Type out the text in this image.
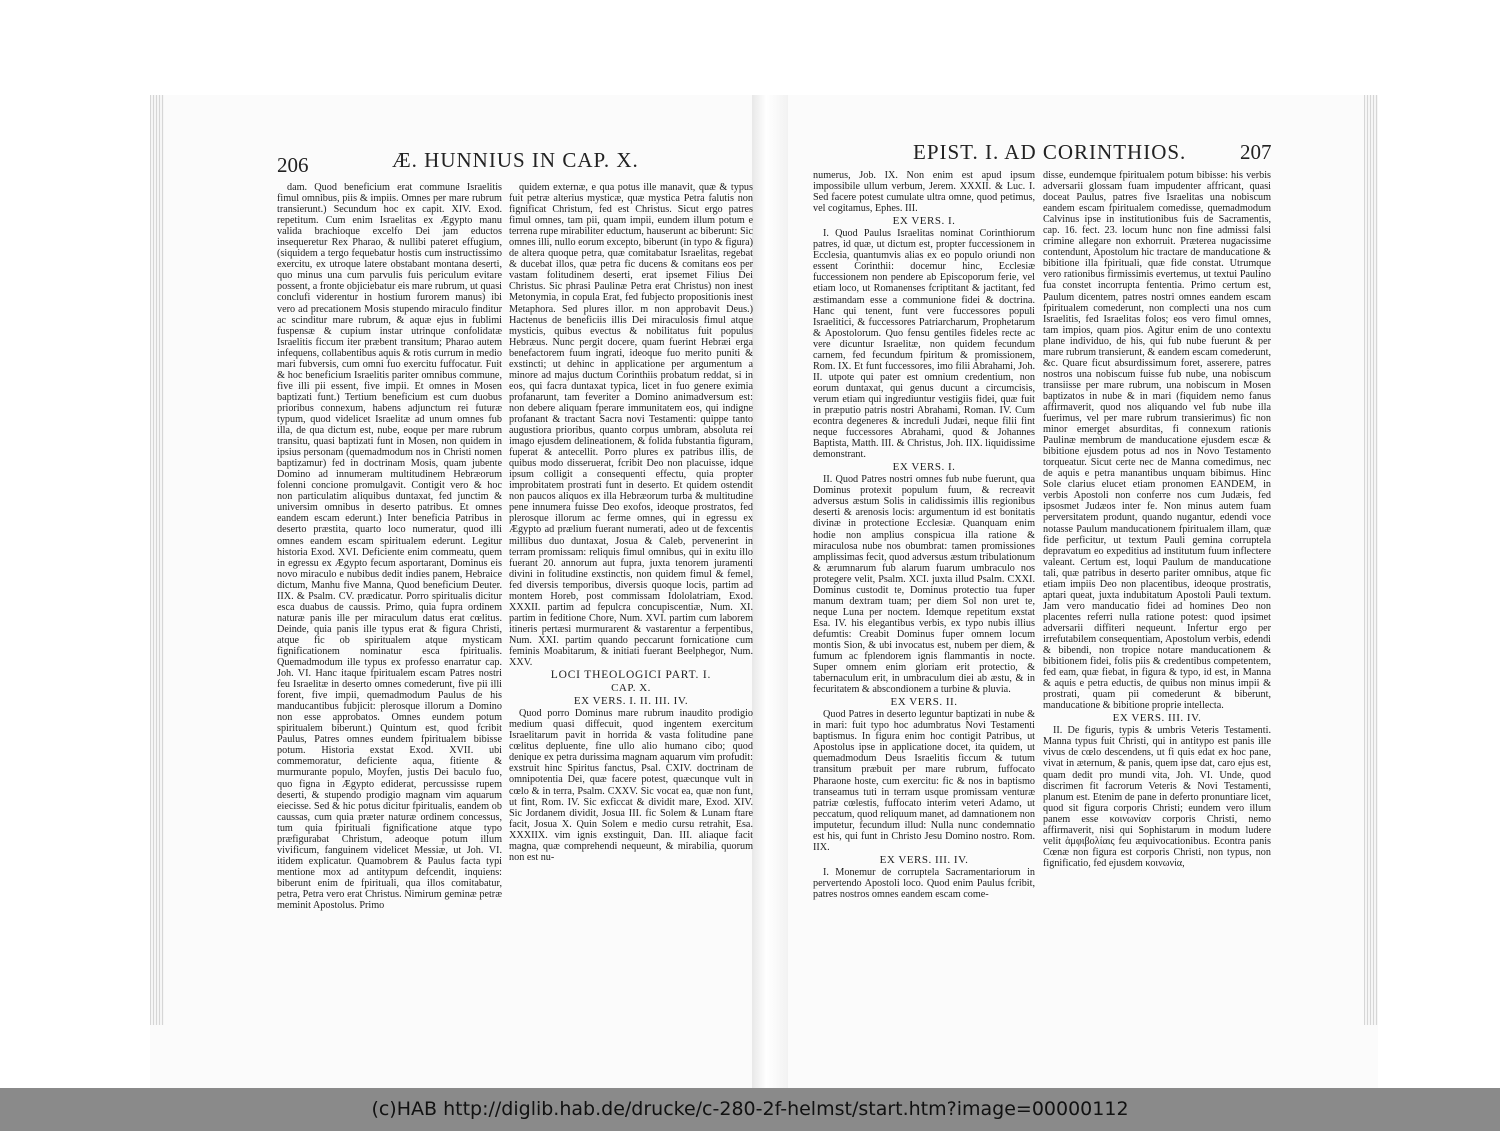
206	Æ. HUNNIUS IN CAP. X.

dam. Quod beneficium erat commune Israelitis fimul omnibus, piis & impiis. Omnes per mare rubrum transierunt.) Secundum hoc ex capit. XIV. Exod. repetitum. Cum enim Israelitas ex Ægypto manu valida brachioque excelfo Dei jam eductos insequeretur Rex Pharao, & nullibi pateret effugium, (siquidem a tergo fequebatur hostis cum instructissimo exercitu, ex utroque latere obstabant montana deserti, quo minus una cum parvulis fuis periculum evitare possent, a fronte objiciebatur eis mare rubrum, ut quasi conclufi viderentur in hostium furorem manus) ibi vero ad precationem Mosis stupendo miraculo finditur ac scinditur mare rubrum, & aquæ ejus in fublimi fuspensæ & cupium instar utrinque confolidatæ Israelitis ficcum iter præbent transitum; Pharao autem infequens, collabentibus aquis & rotis currum in medio mari fubversis, cum omni fuo exercitu fuffocatur. Fuit & hoc beneficium Israelitis pariter omnibus commune, five illi pii essent, five impii. Et omnes in Mosen baptizati funt.) Tertium beneficium est cum duobus prioribus connexum, habens adjunctum rei futuræ typum, quod videlicet Israelitæ ad unum omnes fub illa, de qua dictum est, nube, eoque per mare rubrum transitu, quasi baptizati funt in Mosen, non quidem in ipsius personam (quemadmodum nos in Christi nomen baptizamur) fed in doctrinam Mosis, quam jubente Domino ad innumeram multitudinem Hebræorum folenni concione promulgavit. Contigit vero & hoc non particulatim aliquibus duntaxat, fed junctim & universim omnibus in deserto patribus. Et omnes eandem escam ederunt.) Inter beneficia Patribus in deserto præstita, quarto loco numeratur, quod illi omnes eandem escam spiritualem ederunt. Legitur historia Exod. XVI. Deficiente enim commeatu, quem in egressu ex Ægypto fecum asportarant, Dominus eis novo miraculo e nubibus dedit indies panem, Hebraice dictum, Manhu five Manna, Quod beneficium Deuter. IIX. & Psalm. CV. prædicatur. Porro spiritualis dicitur esca duabus de caussis. Primo, quia fupra ordinem naturæ panis ille per miraculum datus erat cœlitus. Deinde, quia panis ille typus erat & figura Christi, atque fic ob spiritualem atque mysticam fignificationem nominatur esca fpiritualis. Quemadmodum ille typus ex professo enarratur cap. Joh. VI. Hanc itaque fpiritualem escam Patres nostri feu Israelitæ in deserto omnes comederunt, five pii illi forent, five impii, quemadmodum Paulus de his manducantibus fubjicit: plerosque illorum a Domino non esse approbatos. Omnes eundem potum spiritualem biberunt.) Quintum est, quod fcribit Paulus, Patres omnes eundem fpiritualem bibisse potum. Historia exstat Exod. XVII. ubi commemoratur, deficiente aqua, fitiente & murmurante populo, Moyfen, justis Dei baculo fuo, quo figna in Ægypto ediderat, percussisse rupem deserti, & stupendo prodigio magnam vim aquarum eiecisse. Sed & hic potus dicitur fpiritualis, eandem ob caussas, cum quia præter naturæ ordinem concessus, tum quia fpirituali fignificatione atque typo præfigurabat Christum, adeoque potum illum vivificum, fanguinem videlicet Messiæ, ut Joh. VI. itidem explicatur. Quamobrem & Paulus facta typi mentione mox ad antitypum defcendit, inquiens: biberunt enim de fpirituali, qua illos comitabatur, petra, Petra vero erat Christus. Nimirum geminæ petræ meminit Apostolus. Primo

quidem externæ, e qua potus ille manavit, quæ & typus fuit petræ alterius mysticæ, quæ mystica Petra falutis non fignificat Christum, fed est Christus. Sicut ergo patres fimul omnes, tam pii, quam impii, eundem illum potum e terrena rupe mirabiliter eductum, hauserunt ac biberunt: Sic omnes illi, nullo eorum excepto, biberunt (in typo & figura) de altera quoque petra, quæ comitabatur Israelitas, regebat & ducebat illos, quæ petra fic ducens & comitans eos per vastam folitudinem deserti, erat ipsemet Filius Dei Christus. Sic phrasi Paulinæ Petra erat Christus) non inest Metonymia, in copula Erat, fed fubjecto propositionis inest Metaphora. Sed plures illor. m non approbavit Deus.) Hactenus de beneficiis illis Dei miraculosis fimul atque mysticis, quibus evectus & nobilitatus fuit populus Hebræus. Nunc pergit docere, quam fuerint Hebræi erga benefactorem fuum ingrati, ideoque fuo merito puniti & exstincti; ut dehinc in applicatione per argumentum a minore ad majus ductum Corinthiis probatum reddat, si in eos, qui facra duntaxat typica, licet in fuo genere eximia profanarunt, tam feveriter a Domino animadversum est: non debere aliquam fperare immunitatem eos, qui indigne profanant & tractant Sacra novi Testamenti: quippe tanto augustiora prioribus, quanto corpus umbram, absoluta rei imago ejusdem delineationem, & folida fubstantia figuram, fuperat & antecellit. Porro plures ex patribus illis, de quibus modo disseruerat, fcribit Deo non placuisse, idque ipsum colligit a consequenti effectu, quia propter improbitatem prostrati funt in deserto. Et quidem ostendit non paucos aliquos ex illa Hebræorum turba & multitudine pene innumera fuisse Deo exofos, ideoque prostratos, fed plerosque illorum ac ferme omnes, qui in egressu ex Ægypto ad prælium fuerant numerati, adeo ut de fexcentis millibus duo duntaxat, Josua & Caleb, pervenerint in terram promissam: reliquis fimul omnibus, qui in exitu illo fuerant 20. annorum aut fupra, juxta tenorem juramenti divini in folitudine exstinctis, non quidem fimul & femel, fed diversis temporibus, diversis quoque locis, partim ad montem Horeb, post commissam Idololatriam, Exod. XXXII. partim ad fepulcra concupiscentiæ, Num. XI. partim in feditione Chore, Num. XVI. partim cum laborem itineris pertæsi murmurarent & vastarentur a ferpentibus, Num. XXI. partim quando peccarunt fornicatione cum feminis Moabitarum, & initiati fuerant Beelphegor, Num. XXV.

LOCI THEOLOGICI PART. I.
CAP. X.
EX VERS. I. II. III. IV.

Quod porro Dominus mare rubrum inaudito prodigio medium quasi diffecuit, quod ingentem exercitum Israelitarum pavit in horrida & vasta folitudine pane cœlitus depluente, fine ullo alio humano cibo; quod denique ex petra durissima magnam aquarum vim profudit: exstruit hinc Spiritus fanctus, Psal. CXIV. doctrinam de omnipotentia Dei, quæ facere potest, quæcunque vult in cœlo & in terra, Psalm. CXXV. Sic vocat ea, quæ non funt, ut fint, Rom. IV. Sic exficcat & dividit mare, Exod. XIV. Sic Jordanem dividit, Josua III. fic Solem & Lunam ftare facit, Josua X. Quin Solem e medio cursu retrahit, Esa. XXXIIX. vim ignis exstinguit, Dan. III. aliaque facit magna, quæ comprehendi nequeunt, & mirabilia, quorum non est nu-

EPIST. I. AD CORINTHIOS.	207

numerus, Job. IX. Non enim est apud ipsum impossibile ullum verbum, Jerem. XXXII. & Luc. I. Sed facere potest cumulate ultra omne, quod petimus, vel cogitamus, Ephes. III.

EX VERS. I.

I. Quod Paulus Israelitas nominat Corinthiorum patres, id quæ, ut dictum est, propter fuccessionem in Ecclesia, quantumvis alias ex eo populo oriundi non essent Corinthii: docemur hinc, Ecclesiæ fuccessionem non pendere ab Episcoporum ferie, vel etiam loco, ut Romanenses fcriptitant & jactitant, fed æstimandam esse a communione fidei & doctrina. Hanc qui tenent, funt vere fuccessores populi Israelitici, & fuccessores Patriarcharum, Prophetarum & Apostolorum. Quo fensu gentiles fideles recte ac vere dicuntur Israelitæ, non quidem fecundum carnem, fed fecundum fpiritum & promissionem, Rom. IX. Et funt fuccessores, imo filii Abrahami, Joh. II. utpote qui pater est omnium credentium, non eorum duntaxat, qui genus ducunt a circumcisis, verum etiam qui ingrediuntur vestigiis fidei, quæ fuit in præputio patris nostri Abrahami, Roman. IV. Cum econtra degeneres & increduli Judæi, neque filii fint neque fuccessores Abrahami, quod & Johannes Baptista, Matth. III. & Christus, Joh. IIX. liquidissime demonstrant.

EX VERS. I.

II. Quod Patres nostri omnes fub nube fuerunt, qua Dominus protexit populum fuum, & recreavit adversus æstum Solis in calidissimis illis regionibus deserti & arenosis locis: argumentum id est bonitatis divinæ in protectione Ecclesiæ. Quanquam enim hodie non amplius conspicua illa ratione & miraculosa nube nos obumbrat: tamen promissiones amplissimas fecit, quod adversus æstum tribulationum & ærumnarum fub alarum fuarum umbraculo nos protegere velit, Psalm. XCI. juxta illud Psalm. CXXI. Dominus custodit te, Dominus protectio tua fuper manum dextram tuam; per diem Sol non uret te, neque Luna per noctem. Idemque repetitum exstat Esa. IV. his elegantibus verbis, ex typo nubis illius defumtis: Creabit Dominus fuper omnem locum montis Sion, & ubi invocatus est, nubem per diem, & fumum ac fplendorem ignis flammantis in nocte. Super omnem enim gloriam erit protectio, & tabernaculum erit, in umbraculum diei ab æstu, & in fecuritatem & abscondionem a turbine & pluvia.

EX VERS. II.

Quod Patres in deserto leguntur baptizati in nube & in mari: fuit typo hoc adumbratus Novi Testamenti baptismus. In figura enim hoc contigit Patribus, ut Apostolus ipse in applicatione docet, ita quidem, ut quemadmodum Deus Israelitis ficcum & tutum transitum præbuit per mare rubrum, fuffocato Pharaone hoste, cum exercitu: fic & nos in baptismo transeamus tuti in terram usque promissam venturæ patriæ cœlestis, fuffocato interim veteri Adamo, ut peccatum, quod reliquum manet, ad damnationem non imputetur, fecundum illud: Nulla nunc condemnatio est his, qui funt in Christo Jesu Domino nostro. Rom. IIX.

EX VERS. III. IV.

I. Monemur de corruptela Sacramentariorum in pervertendo Apostoli loco. Quod enim Paulus fcribit, patres nostros omnes eandem escam come-

disse, eundemque fpiritualem potum bibisse: his verbis adversarii glossam fuam impudenter affricant, quasi doceat Paulus, patres five Israelitas una nobiscum eandem escam fpiritualem comedisse, quemadmodum Calvinus ipse in institutionibus fuis de Sacramentis, cap. 16. fect. 23. locum hunc non fine admissi falsi crimine allegare non exhorruit. Præterea nugacissime contendunt, Apostolum hic tractare de manducatione & bibitione illa fpirituali, quæ fide constat. Utrumque vero rationibus firmissimis evertemus, ut textui Paulino fua constet incorrupta fententia. Primo certum est, Paulum dicentem, patres nostri omnes eandem escam fpiritualem comederunt, non complecti una nos cum Israelitis, fed Israelitas folos; eos vero fimul omnes, tam impios, quam pios. Agitur enim de uno contextu plane individuo, de his, qui fub nube fuerunt & per mare rubrum transierunt, & eandem escam comederunt, &c. Quare ficut absurdissimum foret, asserere, patres nostros una nobiscum fuisse fub nube, una nobiscum transiisse per mare rubrum, una nobiscum in Mosen baptizatos in nube & in mari (fiquidem nemo fanus affirmaverit, quod nos aliquando vel fub nube illa fuerimus, vel per mare rubrum transierimus) fic non minor emerget absurditas, fi connexum rationis Paulinæ membrum de manducatione ejusdem escæ & bibitione ejusdem potus ad nos in Novo Testamento torqueatur. Sicut certe nec de Manna comedimus, nec de aquis e petra manantibus unquam bibimus. Hinc Sole clarius elucet etiam pronomen EANDEM, in verbis Apostoli non conferre nos cum Judæis, fed ipsosmet Judæos inter fe. Non minus autem fuam perversitatem produnt, quando nugantur, edendi voce notasse Paulum manducationem fpiritualem illam, quæ fide perficitur, ut textum Pauli gemina corruptela depravatum eo expeditius ad institutum fuum inflectere valeant. Certum est, loqui Paulum de manducatione tali, quæ patribus in deserto pariter omnibus, atque fic etiam impiis Deo non placentibus, ideoque prostratis, aptari queat, juxta indubitatum Apostoli Pauli textum. Jam vero manducatio fidei ad homines Deo non placentes referri nulla ratione potest: quod ipsimet adversarii diffiteri nequeunt. Infertur ergo per irrefutabilem consequentiam, Apostolum verbis, edendi & bibendi, non tropice notare manducationem & bibitionem fidei, folis piis & credentibus competentem, fed eam, quæ fiebat, in figura & typo, id est, in Manna & aquis e petra eductis, de quibus non minus impii & prostrati, quam pii comederunt & biberunt, manducatione & bibitione proprie intellecta.

EX VERS. III. IV.

II. De figuris, typis & umbris Veteris Testamenti. Manna typus fuit Christi, qui in antitypo est panis ille vivus de cœlo descendens, ut fi quis edat ex hoc pane, vivat in æternum, & panis, quem ipse dat, caro ejus est, quam dedit pro mundi vita, Joh. VI. Unde, quod discrimen fit facrorum Veteris & Novi Testamenti, planum est. Etenim de pane in deferto pronuntiare licet, quod sit figura corporis Christi; eundem vero illum panem esse κοινωνίαν corporis Christi, nemo affirmaverit, nisi qui Sophistarum in modum ludere velit ἀμφιβολίαις feu æquivocationibus. Econtra panis Cœnæ non figura est corporis Christi, non typus, non fignificatio, fed ejusdem κοινωνία,

(c)HAB http://diglib.hab.de/drucke/c-280-2f-helmst/start.htm?image=00000112
